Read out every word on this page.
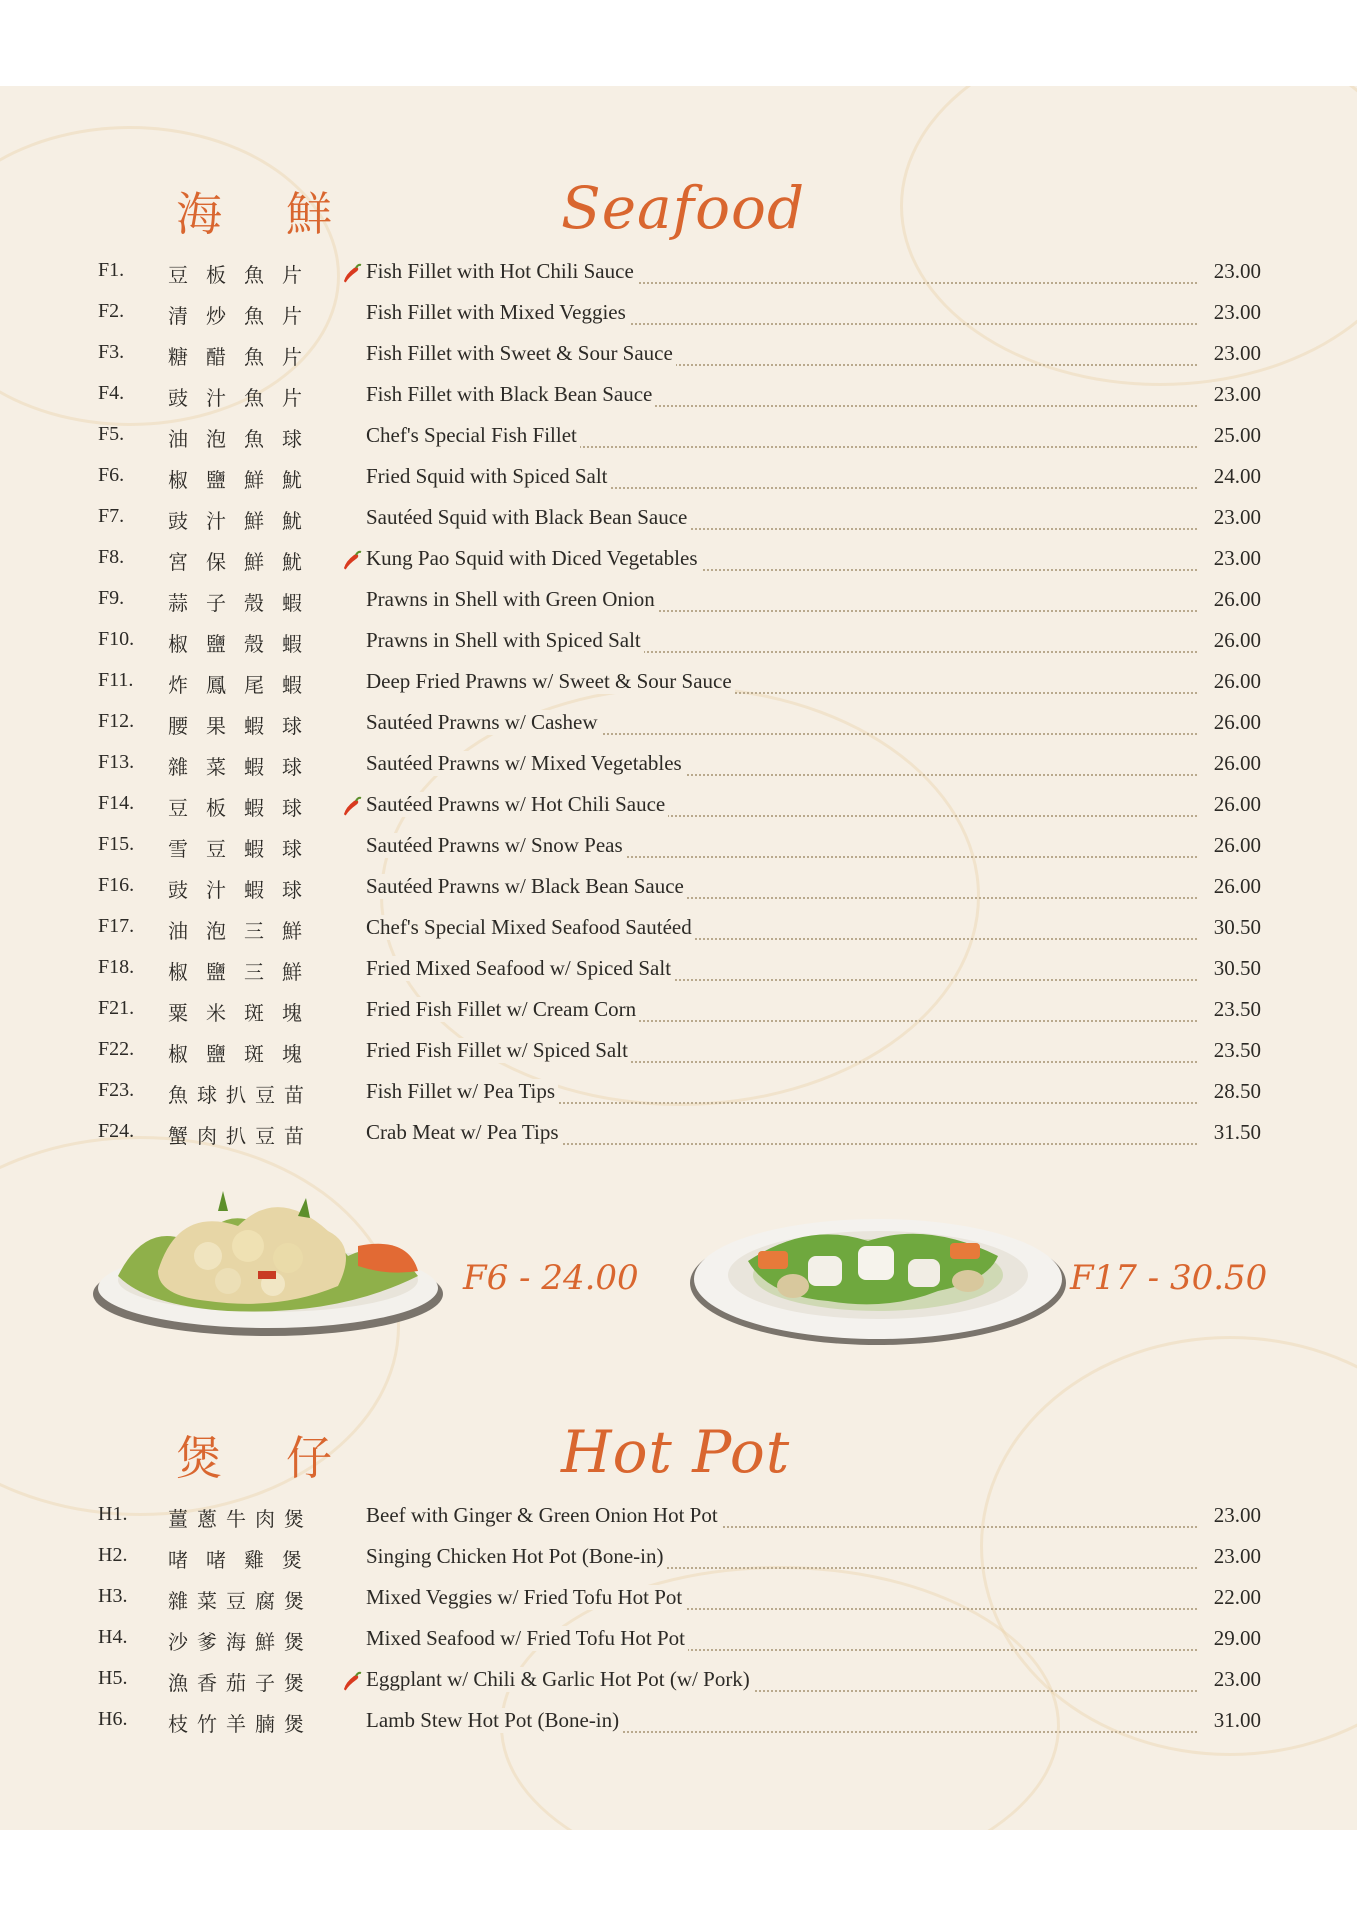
海 鮮	Seafood
F1. 豆 板 魚 片	Fish Fillet with Hot Chili Sauce	23.00
F2. 清 炒 魚 片	Fish Fillet with Mixed Veggies	23.00
F3. 糖 醋 魚 片	Fish Fillet with Sweet & Sour Sauce	23.00
F4. 豉 汁 魚 片	Fish Fillet with Black Bean Sauce	23.00
F5. 油 泡 魚 球	Chef's Special Fish Fillet	25.00
F6. 椒 鹽 鮮 魷	Fried Squid with Spiced Salt	24.00
F7. 豉 汁 鮮 魷	Sautéed Squid with Black Bean Sauce	23.00
F8. 宮 保 鮮 魷	Kung Pao Squid with Diced Vegetables	23.00
F9. 蒜 子 殼 蝦	Prawns in Shell with Green Onion	26.00
F10. 椒 鹽 殼 蝦	Prawns in Shell with Spiced Salt	26.00
F11. 炸 鳳 尾 蝦	Deep Fried Prawns w/ Sweet & Sour Sauce	26.00
F12. 腰 果 蝦 球	Sautéed Prawns w/ Cashew	26.00
F13. 雜 菜 蝦 球	Sautéed Prawns w/ Mixed Vegetables	26.00
F14. 豆 板 蝦 球	Sautéed Prawns w/ Hot Chili Sauce	26.00
F15. 雪 豆 蝦 球	Sautéed Prawns w/ Snow Peas	26.00
F16. 豉 汁 蝦 球	Sautéed Prawns w/ Black Bean Sauce	26.00
F17. 油 泡 三 鮮	Chef's Special Mixed Seafood Sautéed	30.50
F18. 椒 鹽 三 鮮	Fried Mixed Seafood w/ Spiced Salt	30.50
F21. 粟 米 斑 塊	Fried Fish Fillet w/ Cream Corn	23.50
F22. 椒 鹽 斑 塊	Fried Fish Fillet w/ Spiced Salt	23.50
F23. 魚 球 扒 豆 苗	Fish Fillet w/ Pea Tips	28.50
F24. 蟹 肉 扒 豆 苗	Crab Meat w/ Pea Tips	31.50
F6 - 24.00	F17 - 30.50
煲 仔	Hot Pot
H1. 薑 蔥 牛 肉 煲	Beef with Ginger & Green Onion Hot Pot	23.00
H2. 啫 啫 雞 煲	Singing Chicken Hot Pot (Bone-in)	23.00
H3. 雜 菜 豆 腐 煲	Mixed Veggies w/ Fried Tofu Hot Pot	22.00
H4. 沙 爹 海 鮮 煲	Mixed Seafood w/ Fried Tofu Hot Pot	29.00
H5. 漁 香 茄 子 煲	Eggplant w/ Chili & Garlic Hot Pot (w/ Pork)	23.00
H6. 枝 竹 羊 腩 煲	Lamb Stew Hot Pot (Bone-in)	31.00
